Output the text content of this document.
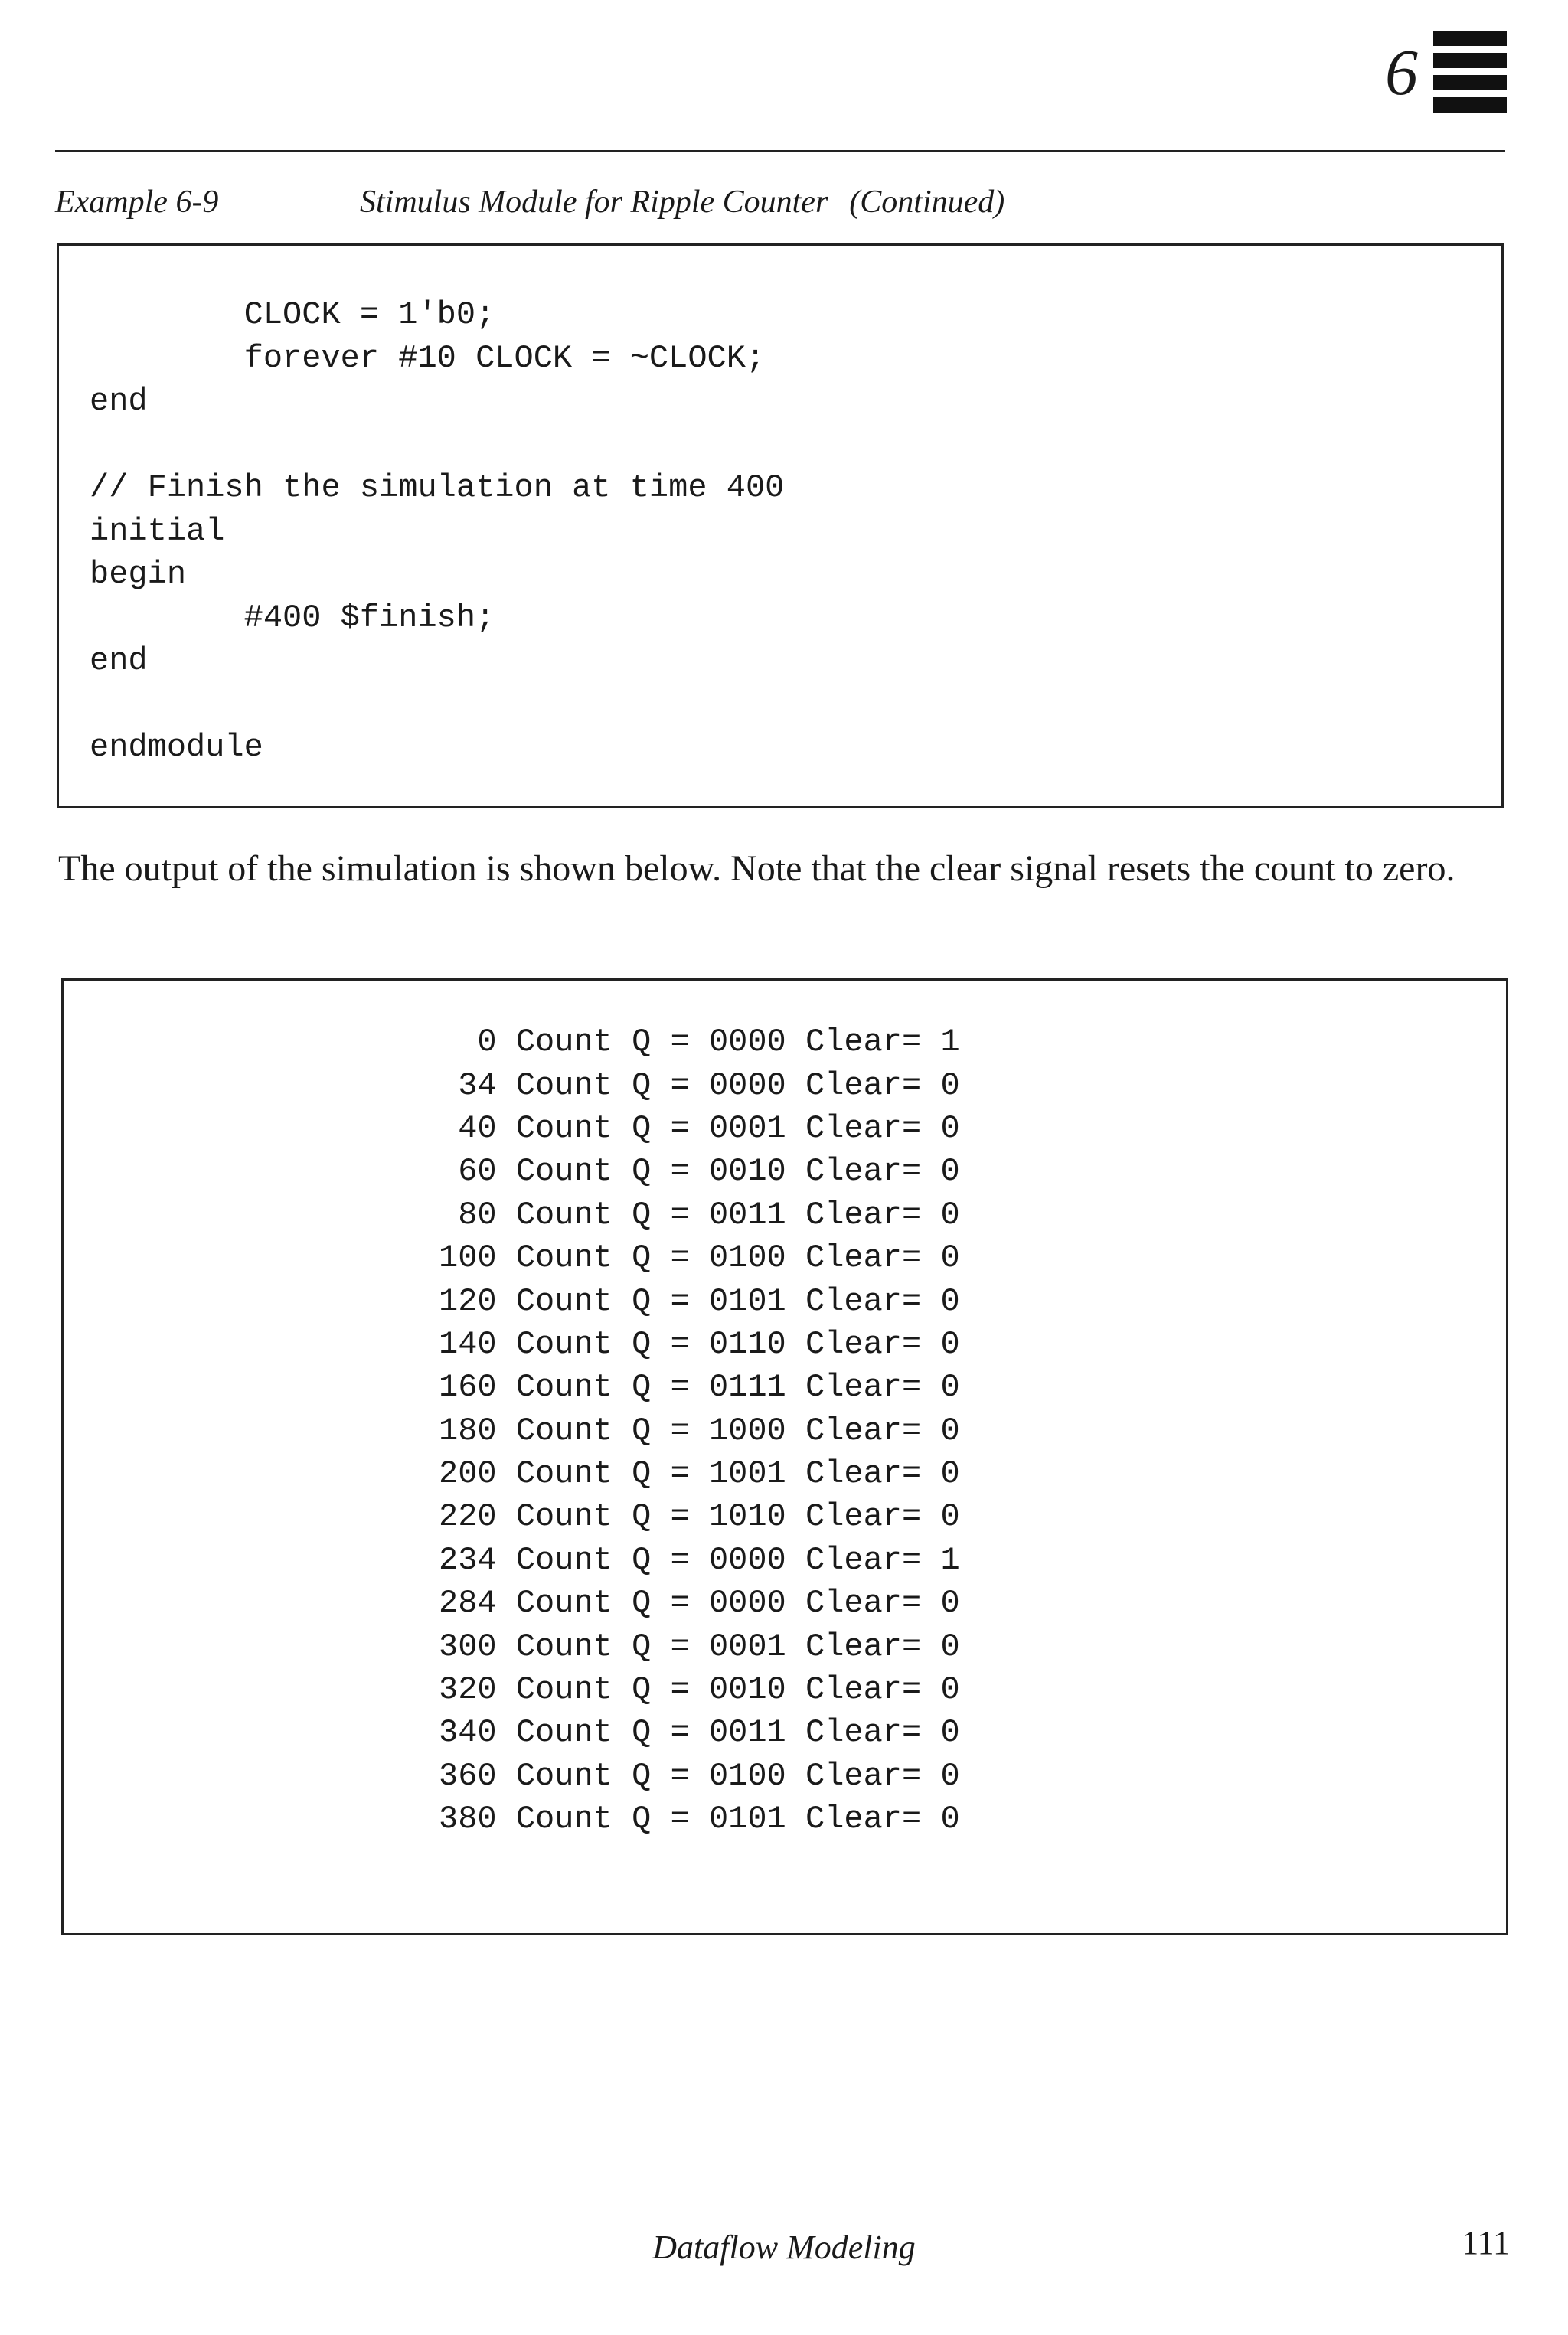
6
Example 6-9	Stimulus Module for Ripple Counter (Continued)
CLOCK = 1'b0;
forever #10 CLOCK = ~CLOCK;
end

// Finish the simulation at time 400
initial
begin
#400 $finish;
end

endmodule

The output of the simulation is shown below. Note that the clear signal resets the count to zero.

0	Count	Q =	0000	Clear=	1
34	Count	Q =	0000	Clear=	0
40	Count	Q =	0001	Clear=	0
60	Count	Q =	0010	Clear=	0
80	Count	Q =	0011	Clear=	0
100	Count	Q =	0100	Clear=	0
120	Count	Q =	0101	Clear=	0
140	Count	Q =	0110	Clear=	0
160	Count	Q =	0111	Clear=	0
180	Count	Q =	1000	Clear=	0
200	Count	Q =	1001	Clear=	0
220	Count	Q =	1010	Clear=	0
234	Count	Q =	0000	Clear=	1
284	Count	Q =	0000	Clear=	0
300	Count	Q =	0001	Clear=	0
320	Count	Q =	0010	Clear=	0
340	Count	Q =	0011	Clear=	0
360	Count	Q =	0100	Clear=	0
380	Count	Q =	0101	Clear=	0
Dataflow Modeling	111
